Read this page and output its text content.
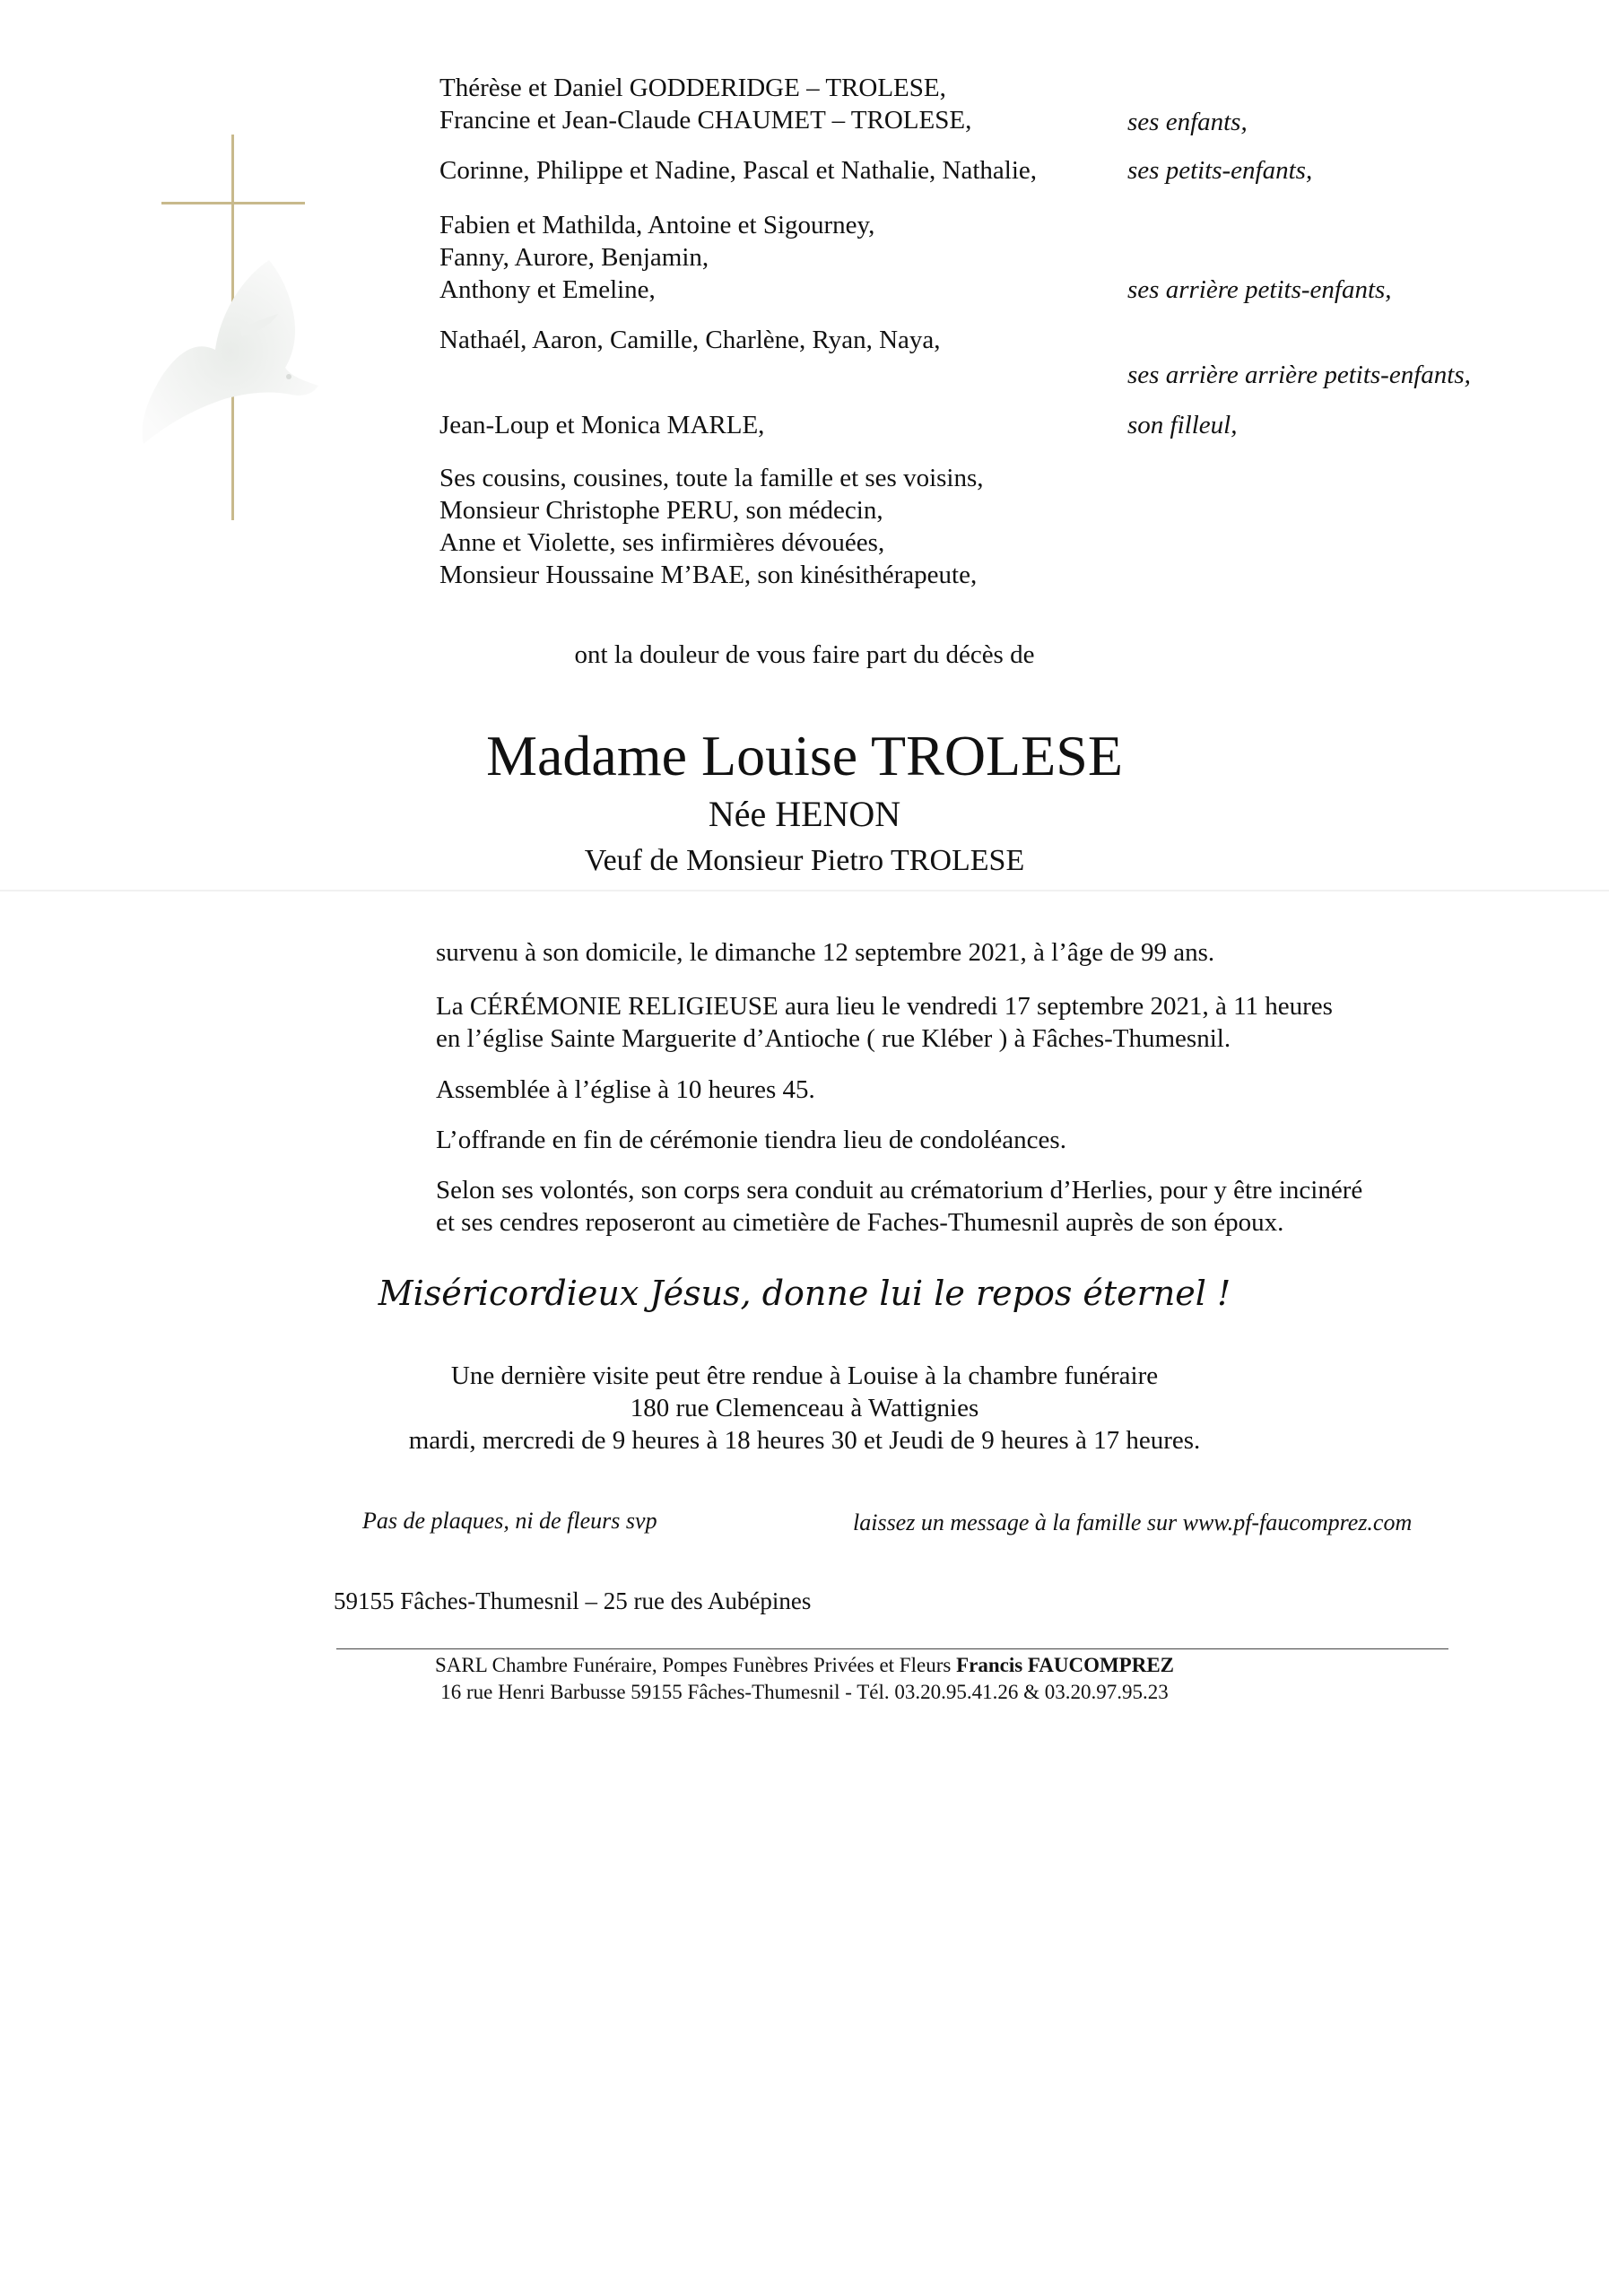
Thérèse et Daniel GODDERIDGE – TROLESE,
Francine et Jean-Claude CHAUMET – TROLESE,	ses enfants,
Corinne, Philippe et Nadine, Pascal et Nathalie, Nathalie,	ses petits-enfants,
Fabien et Mathilda, Antoine et Sigourney,
Fanny, Aurore, Benjamin,
Anthony et Emeline,	ses arrière petits-enfants,
Nathaél, Aaron, Camille, Charlène, Ryan, Naya,
ses arrière arrière petits-enfants,
Jean-Loup et Monica MARLE,	son filleul,
Ses cousins, cousines, toute la famille et ses voisins,
Monsieur Christophe PERU, son médecin,
Anne et Violette, ses infirmières dévouées,
Monsieur Houssaine M’BAE, son kinésithérapeute,
ont la douleur de vous faire part du décès de
Madame Louise TROLESE
Née HENON
Veuf de Monsieur Pietro TROLESE
survenu à son domicile, le dimanche 12 septembre 2021, à l’âge de 99 ans.
La CÉRÉMONIE RELIGIEUSE aura lieu le vendredi 17 septembre 2021, à 11 heures
en l’église Sainte Marguerite d’Antioche ( rue Kléber ) à Fâches-Thumesnil.
Assemblée à l’église à 10 heures 45.
L’offrande en fin de cérémonie tiendra lieu de condoléances.
Selon ses volontés, son corps sera conduit au crématorium d’Herlies, pour y être incinéré
et ses cendres reposeront au cimetière de Faches-Thumesnil auprès de son époux.
Miséricordieux Jésus, donne lui le repos éternel !
Une dernière visite peut être rendue à Louise à la chambre funéraire
180 rue Clemenceau à Wattignies
mardi, mercredi de 9 heures à 18 heures 30 et Jeudi de 9 heures à 17 heures.
Pas de plaques, ni de fleurs svp	laissez un message à la famille sur www.pf-faucomprez.com
59155 Fâches-Thumesnil – 25 rue des Aubépines
SARL Chambre Funéraire, Pompes Funèbres Privées et Fleurs Francis FAUCOMPREZ
16 rue Henri Barbusse 59155 Fâches-Thumesnil - Tél. 03.20.95.41.26 & 03.20.97.95.23
